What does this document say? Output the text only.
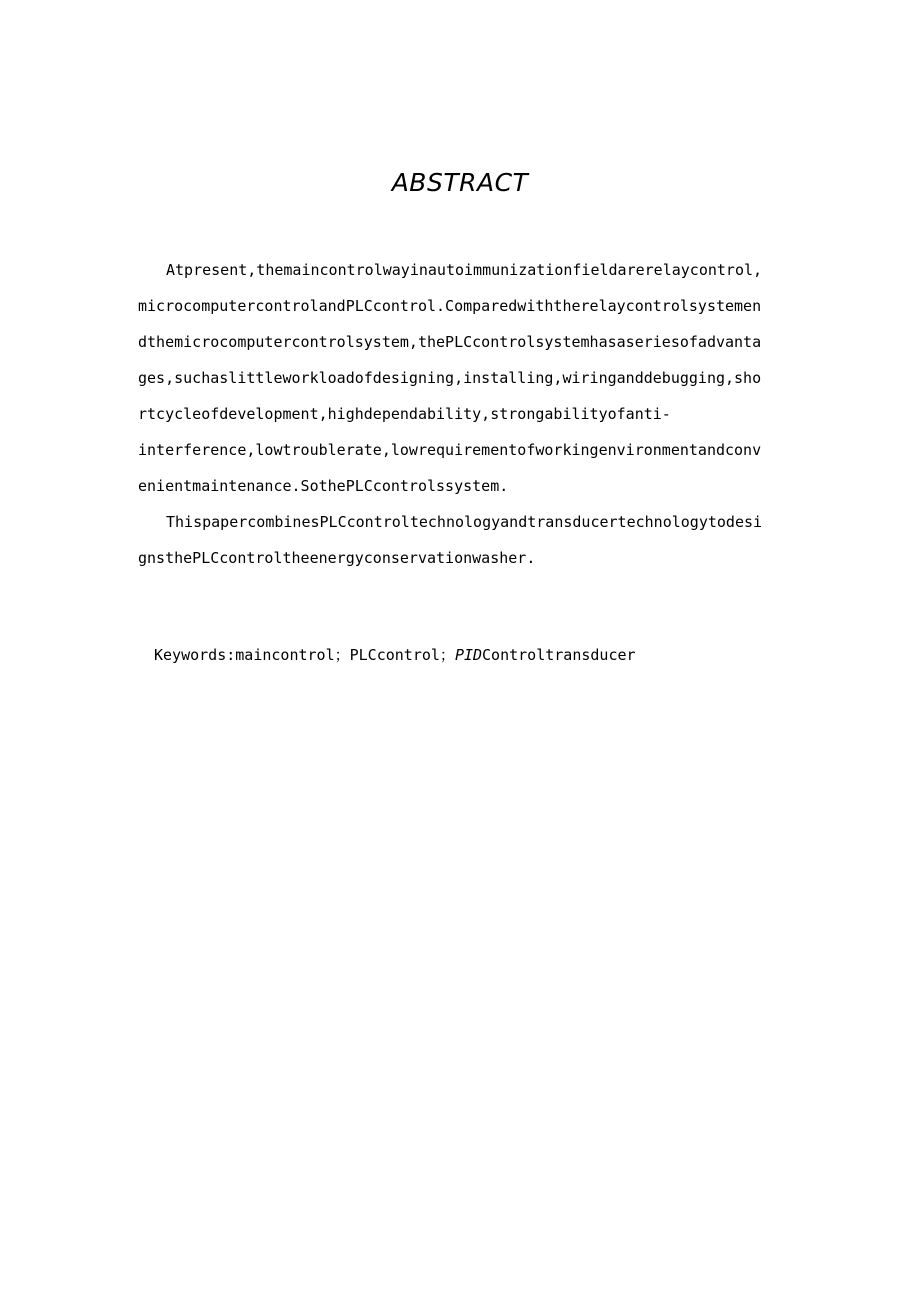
ABSTRACT
Atpresent,themaincontrolwayinautoimmunizationfieldarerelaycontrol,
microcomputercontrolandPLCcontrol.Comparedwiththerelaycontrolsystemen
dthemicrocomputercontrolsystem,thePLCcontrolsystemhasaseriesofadvanta
ges,suchaslittleworkloadofdesigning,installing,wiringanddebugging,sho
rtcycleofdevelopment,highdependability,strongabilityofanti-
interference,lowtroublerate,lowrequirementofworkingenvironmentandconv
enientmaintenance.SothePLCcontrolssystem.
ThispapercombinesPLCcontroltechnologyandtransducertechnologytodesi
gnsthePLCcontroltheenergyconservationwasher.
Keywords:maincontrol；PLCcontrol；PIDControltransducer
